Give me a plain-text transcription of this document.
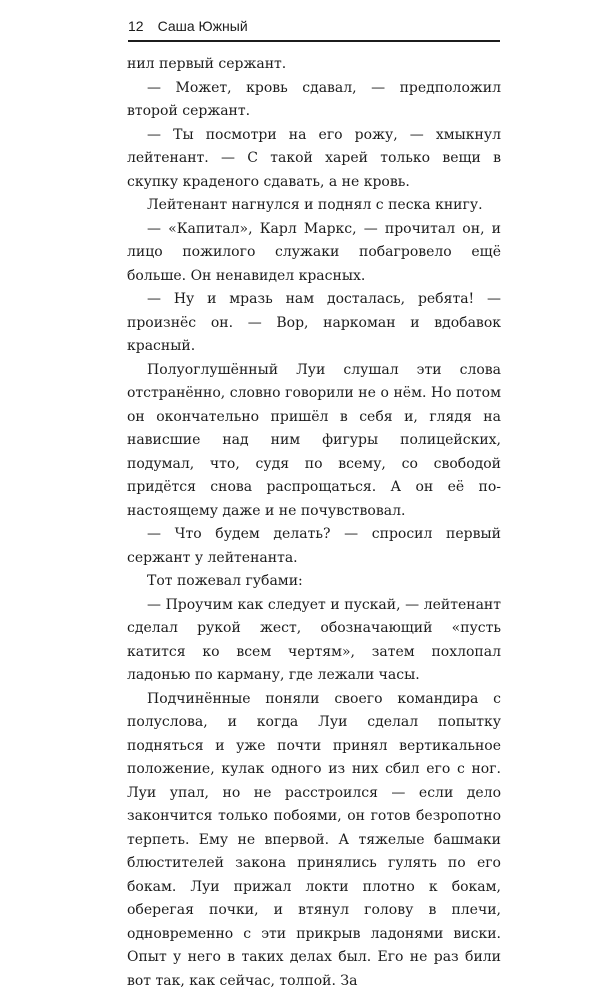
12 Саша Южный

нил первый сержант.

— Может, кровь сдавал, — предположил второй сержант.

— Ты посмотри на его рожу, — хмыкнул лейтенант. — С такой харей только вещи в скупку краденого сдавать, а не кровь.

Лейтенант нагнулся и поднял с песка книгу.

— «Капитал», Карл Маркс, — прочитал он, и лицо пожилого служаки побагровело ещё больше. Он ненавидел красных.

— Ну и мразь нам досталась, ребята! — произнёс он. — Вор, наркоман и вдобавок красный.

Полуоглушённый Луи слушал эти слова отстранённо, словно говорили не о нём. Но потом он окончательно пришёл в себя и, глядя на нависшие над ним фигуры полицейских, подумал, что, судя по всему, со свободой придётся снова распрощаться. А он её по-настоящему даже и не почувствовал.

— Что будем делать? — спросил первый сержант у лейтенанта.

Тот пожевал губами:

— Проучим как следует и пускай, — лейтенант сделал рукой жест, обозначающий «пусть катится ко всем чертям», затем похлопал ладонью по карману, где лежали часы.

Подчинённые поняли своего командира с полуслова, и когда Луи сделал попытку подняться и уже почти принял вертикальное положение, кулак одного из них сбил его с ног. Луи упал, но не расстроился — если дело закончится только побоями, он готов безропотно терпеть. Ему не впервой. А тяжелые башмаки блюстителей закона принялись гулять по его бокам. Луи прижал локти плотно к бокам, оберегая почки, и втянул голову в плечи, одновременно с эти прикрыв ладонями виски. Опыт у него в таких делах был. Его не раз били вот так, как сейчас, толпой. За
